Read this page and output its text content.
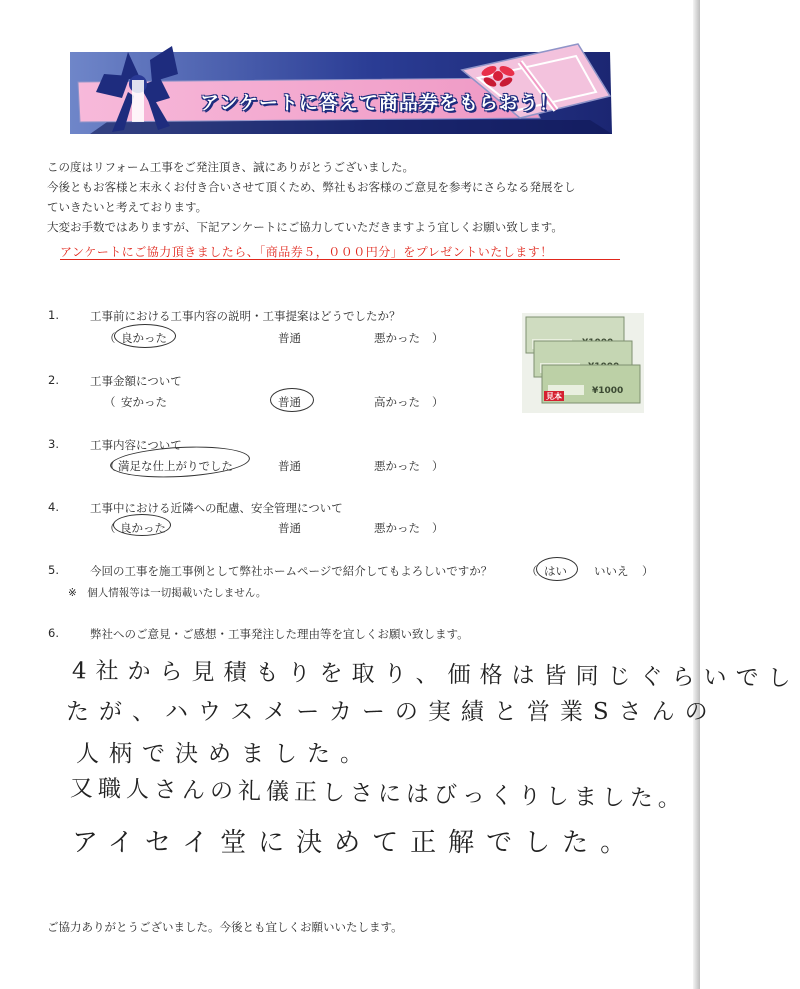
アンケートに答えて商品券をもらおう！

この度はリフォーム工事をご発注頂き、誠にありがとうございました。

今後ともお客様と末永くお付き合いさせて頂くため、弊社もお客様のご意見を参考にさらなる発展をし

ていきたいと考えております。

大変お手数ではありますが、下記アンケートにご協力していただきますよう宜しくお願い致します。

アンケートにご協力頂きましたら、「商品券５，０００円分」をプレゼントいたします！
1.	工事前における工事内容の説明・工事提案はどうでしたか？
（ 良かった	普通	悪かった ）
2.	工事金額について
（ 安かった	普通	高かった ）
3.	工事内容について
（ 満足な仕上がりでした	普通	悪かった ）
4.	工事中における近隣への配慮、安全管理について
（ 良かった	普通	悪かった ）
5.	今回の工事を施工事例として弊社ホームページで紹介してもよろしいですか？	（ はい いいえ ）
※　個人情報等は一切掲載いたしません。
6.	弊社へのご意見・ご感想・工事発注した理由等を宜しくお願い致します。
¥1000
見本
4社から見積もりを取り、価格は皆同じぐらいでし
たが、ハウスメーカーの実績と営業Sさんの
人柄で決めました。
又職人さんの礼儀正しさにはびっくりしました。
アイセイ堂に決めて正解でした。
ご協力ありがとうございました。今後とも宜しくお願いいたします。
